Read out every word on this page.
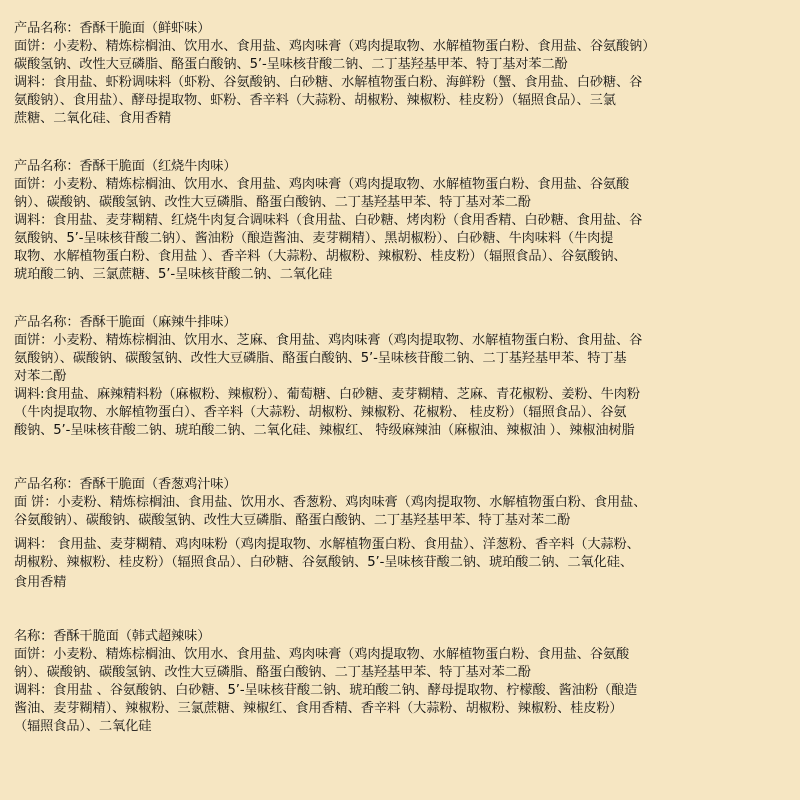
产品名称：香酥干脆面（鲜虾味）
面饼：小麦粉、精炼棕榈油、饮用水、食用盐、鸡肉味膏（鸡肉提取物、水解植物蛋白粉、食用盐、谷氨酸钠）
碳酸氢钠、改性大豆磷脂、酪蛋白酸钠、5’-呈味核苷酸二钠、二丁基羟基甲苯、特丁基对苯二酚
调料：食用盐、虾粉调味料（虾粉、谷氨酸钠、白砂糖、水解植物蛋白粉、海鲜粉（蟹、食用盐、白砂糖、谷
氨酸钠）、食用盐）、酵母提取物、虾粉、香辛料（大蒜粉、胡椒粉、辣椒粉、桂皮粉）（辐照食品）、三氯
蔗糖、二氧化硅、食用香精
产品名称：香酥干脆面（红烧牛肉味）
面饼：小麦粉、精炼棕榈油、饮用水、食用盐、鸡肉味膏（鸡肉提取物、水解植物蛋白粉、食用盐、谷氨酸
钠）、碳酸钠、碳酸氢钠、改性大豆磷脂、酪蛋白酸钠、二丁基羟基甲苯、特丁基对苯二酚
调料：食用盐、麦芽糊精、红烧牛肉复合调味料（食用盐、白砂糖、烤肉粉（食用香精、白砂糖、食用盐、谷
氨酸钠、5’-呈味核苷酸二钠）、酱油粉（酿造酱油、麦芽糊精）、黑胡椒粉）、白砂糖、牛肉味料（牛肉提
取物、水解植物蛋白粉、食用盐 ）、香辛料（大蒜粉、胡椒粉、辣椒粉、桂皮粉）（辐照食品）、谷氨酸钠、
琥珀酸二钠、三氯蔗糖、5’-呈味核苷酸二钠、二氧化硅
产品名称：香酥干脆面（麻辣牛排味）
面饼：小麦粉、精炼棕榈油、饮用水、芝麻、食用盐、鸡肉味膏（鸡肉提取物、水解植物蛋白粉、食用盐、谷
氨酸钠）、碳酸钠、碳酸氢钠、改性大豆磷脂、酪蛋白酸钠、5’-呈味核苷酸二钠、二丁基羟基甲苯、特丁基
对苯二酚
调料:食用盐、麻辣精料粉（麻椒粉、辣椒粉）、葡萄糖、白砂糖、麦芽糊精、芝麻、青花椒粉、姜粉、牛肉粉
（牛肉提取物、水解植物蛋白）、香辛料（大蒜粉、胡椒粉、辣椒粉、花椒粉、 桂皮粉）（辐照食品）、谷氨
酸钠、5’-呈味核苷酸二钠、琥珀酸二钠、二氧化硅、辣椒红、 特级麻辣油（麻椒油、辣椒油 ）、辣椒油树脂
产品名称：香酥干脆面（香葱鸡汁味）
面 饼：小麦粉、精炼棕榈油、食用盐、饮用水、香葱粉、鸡肉味膏（鸡肉提取物、水解植物蛋白粉、食用盐、
谷氨酸钠）、碳酸钠、碳酸氢钠、改性大豆磷脂、酪蛋白酸钠、二丁基羟基甲苯、特丁基对苯二酚
调料： 食用盐、麦芽糊精、鸡肉味粉（鸡肉提取物、水解植物蛋白粉、食用盐）、洋葱粉、香辛料（大蒜粉、
胡椒粉、辣椒粉、桂皮粉）（辐照食品）、白砂糖、谷氨酸钠、5’-呈味核苷酸二钠、琥珀酸二钠、二氧化硅、
食用香精
名称：香酥干脆面（韩式超辣味）
面饼：小麦粉、精炼棕榈油、饮用水、食用盐、鸡肉味膏（鸡肉提取物、水解植物蛋白粉、食用盐、谷氨酸
钠）、碳酸钠、碳酸氢钠、改性大豆磷脂、酪蛋白酸钠、二丁基羟基甲苯、特丁基对苯二酚
调料：食用盐 、谷氨酸钠、白砂糖、5’-呈味核苷酸二钠、琥珀酸二钠、酵母提取物、柠檬酸、酱油粉（酿造
酱油、麦芽糊精）、辣椒粉、三氯蔗糖、辣椒红、食用香精、香辛料（大蒜粉、胡椒粉、辣椒粉、桂皮粉）
（辐照食品）、二氧化硅
